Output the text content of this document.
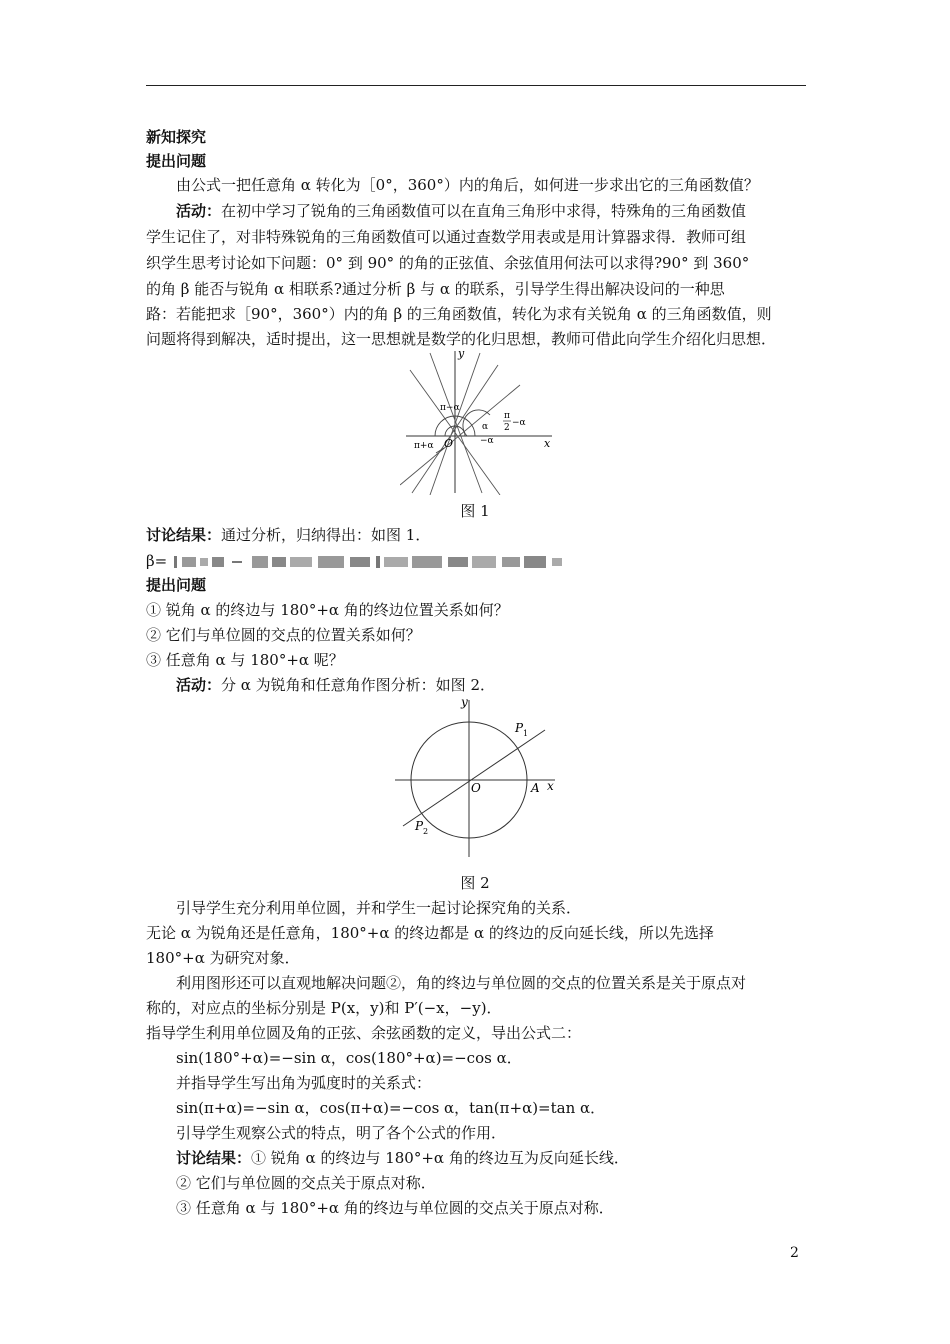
新知探究
提出问题
由公式一把任意角 α 转化为［0°，360°）内的角后，如何进一步求出它的三角函数值？
活动：在初中学习了锐角的三角函数值可以在直角三角形中求得，特殊角的三角函数值
学生记住了，对非特殊锐角的三角函数值可以通过查数学用表或是用计算器求得．教师可组
织学生思考讨论如下问题：0° 到 90° 的角的正弦值、余弦值用何法可以求得?90° 到 360°
的角 β 能否与锐角 α 相联系?通过分析 β 与 α 的联系，引导学生得出解决设问的一种思
路：若能把求［90°，360°）内的角 β 的三角函数值，转化为求有关锐角 α 的三角函数值，则
问题将得到解决，适时提出，这一思想就是数学的化归思想，教师可借此向学生介绍化归思想．
y
x
O
π−α
π+α
π
2 −α
α
−α
图 1
讨论结果：通过分析，归纳得出：如图 1．
β=
提出问题
① 锐角 α 的终边与 180°+α 角的终边位置关系如何？
② 它们与单位圆的交点的位置关系如何？
③ 任意角 α 与 180°+α 呢？
活动：分 α 为锐角和任意角作图分析：如图 2．
y
x
O	A
P 1
P 2
图 2
引导学生充分利用单位圆，并和学生一起讨论探究角的关系．
无论 α 为锐角还是任意角，180°+α 的终边都是 α 的终边的反向延长线，所以先选择
180°+α 为研究对象．
利用图形还可以直观地解决问题②，角的终边与单位圆的交点的位置关系是关于原点对
称的，对应点的坐标分别是 P(x，y)和 P′(−x，−y)．
指导学生利用单位圆及角的正弦、余弦函数的定义，导出公式二：
sin(180°+α)=−sin α，cos(180°+α)=−cos α．
并指导学生写出角为弧度时的关系式：
sin(π+α)=−sin α，cos(π+α)=−cos α，tan(π+α)=tan α．
引导学生观察公式的特点，明了各个公式的作用．
讨论结果：① 锐角 α 的终边与 180°+α 角的终边互为反向延长线．
② 它们与单位圆的交点关于原点对称．
③ 任意角 α 与 180°+α 角的终边与单位圆的交点关于原点对称．
2
